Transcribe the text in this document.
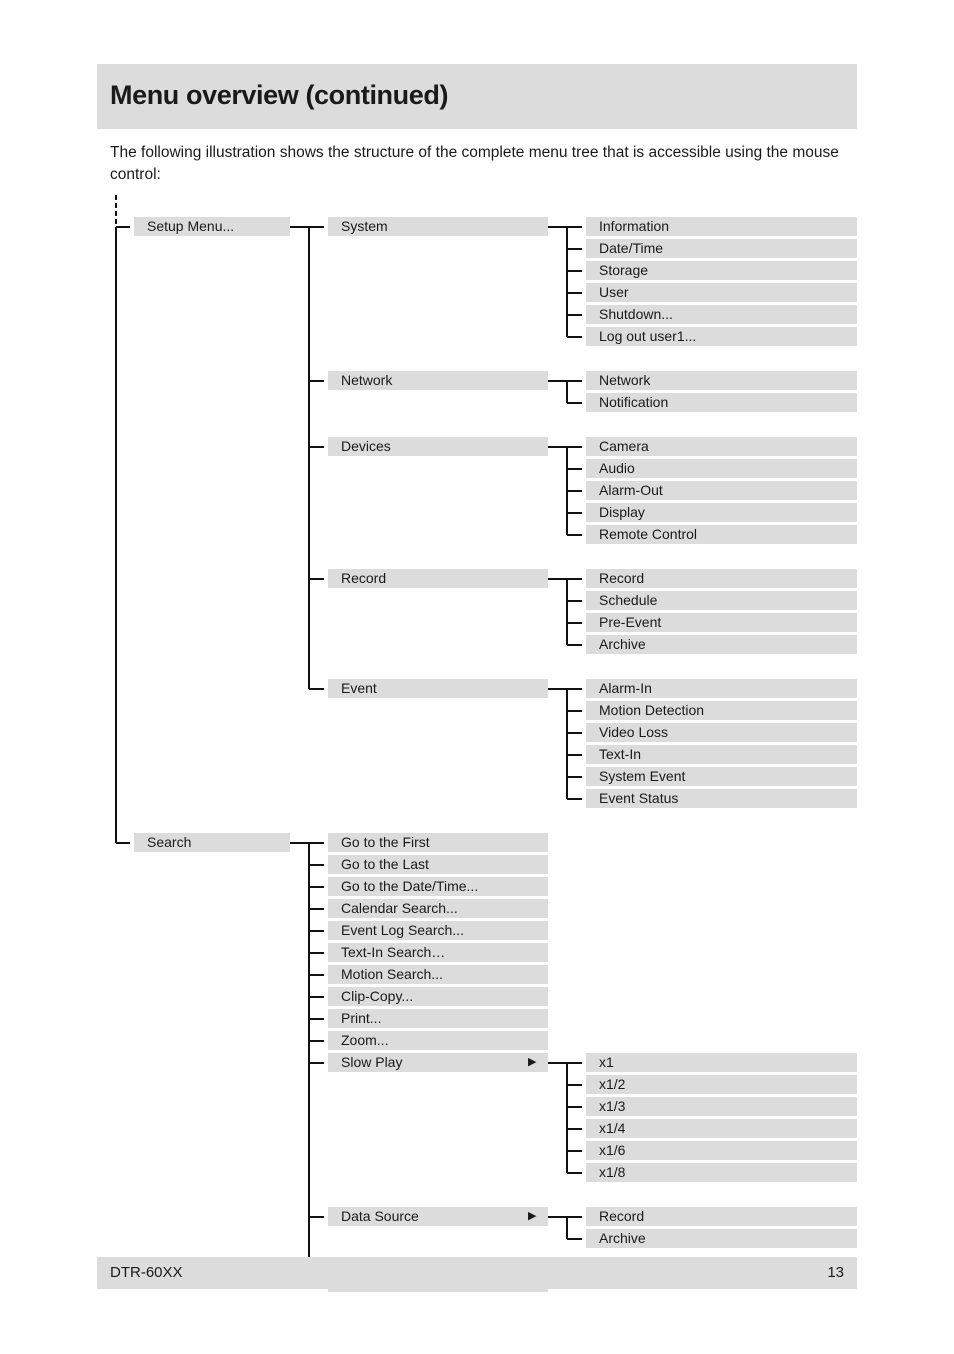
Menu overview (continued)
The following illustration shows the structure of the complete menu tree that is accessible using the mouse control:
Setup Menu...	System	Information
Date/Time
Storage
User
Shutdown...
Log out user1...
Network	Network
Notification
Devices	Camera
Audio
Alarm-Out
Display
Remote Control
Record	Record
Schedule
Pre-Event
Archive
Event	Alarm-In
Motion Detection
Video Loss
Text-In
System Event
Event Status
Search	Go to the First
Go to the Last
Go to the Date/Time...
Calendar Search...
Event Log Search...
Text-In Search…
Motion Search...
Clip-Copy...
Print...
Zoom...
Slow Play	▶	x1
x1/2
x1/3
x1/4
x1/6
x1/8
Data Source	▶	Record
Archive
DTR-60XX	13
